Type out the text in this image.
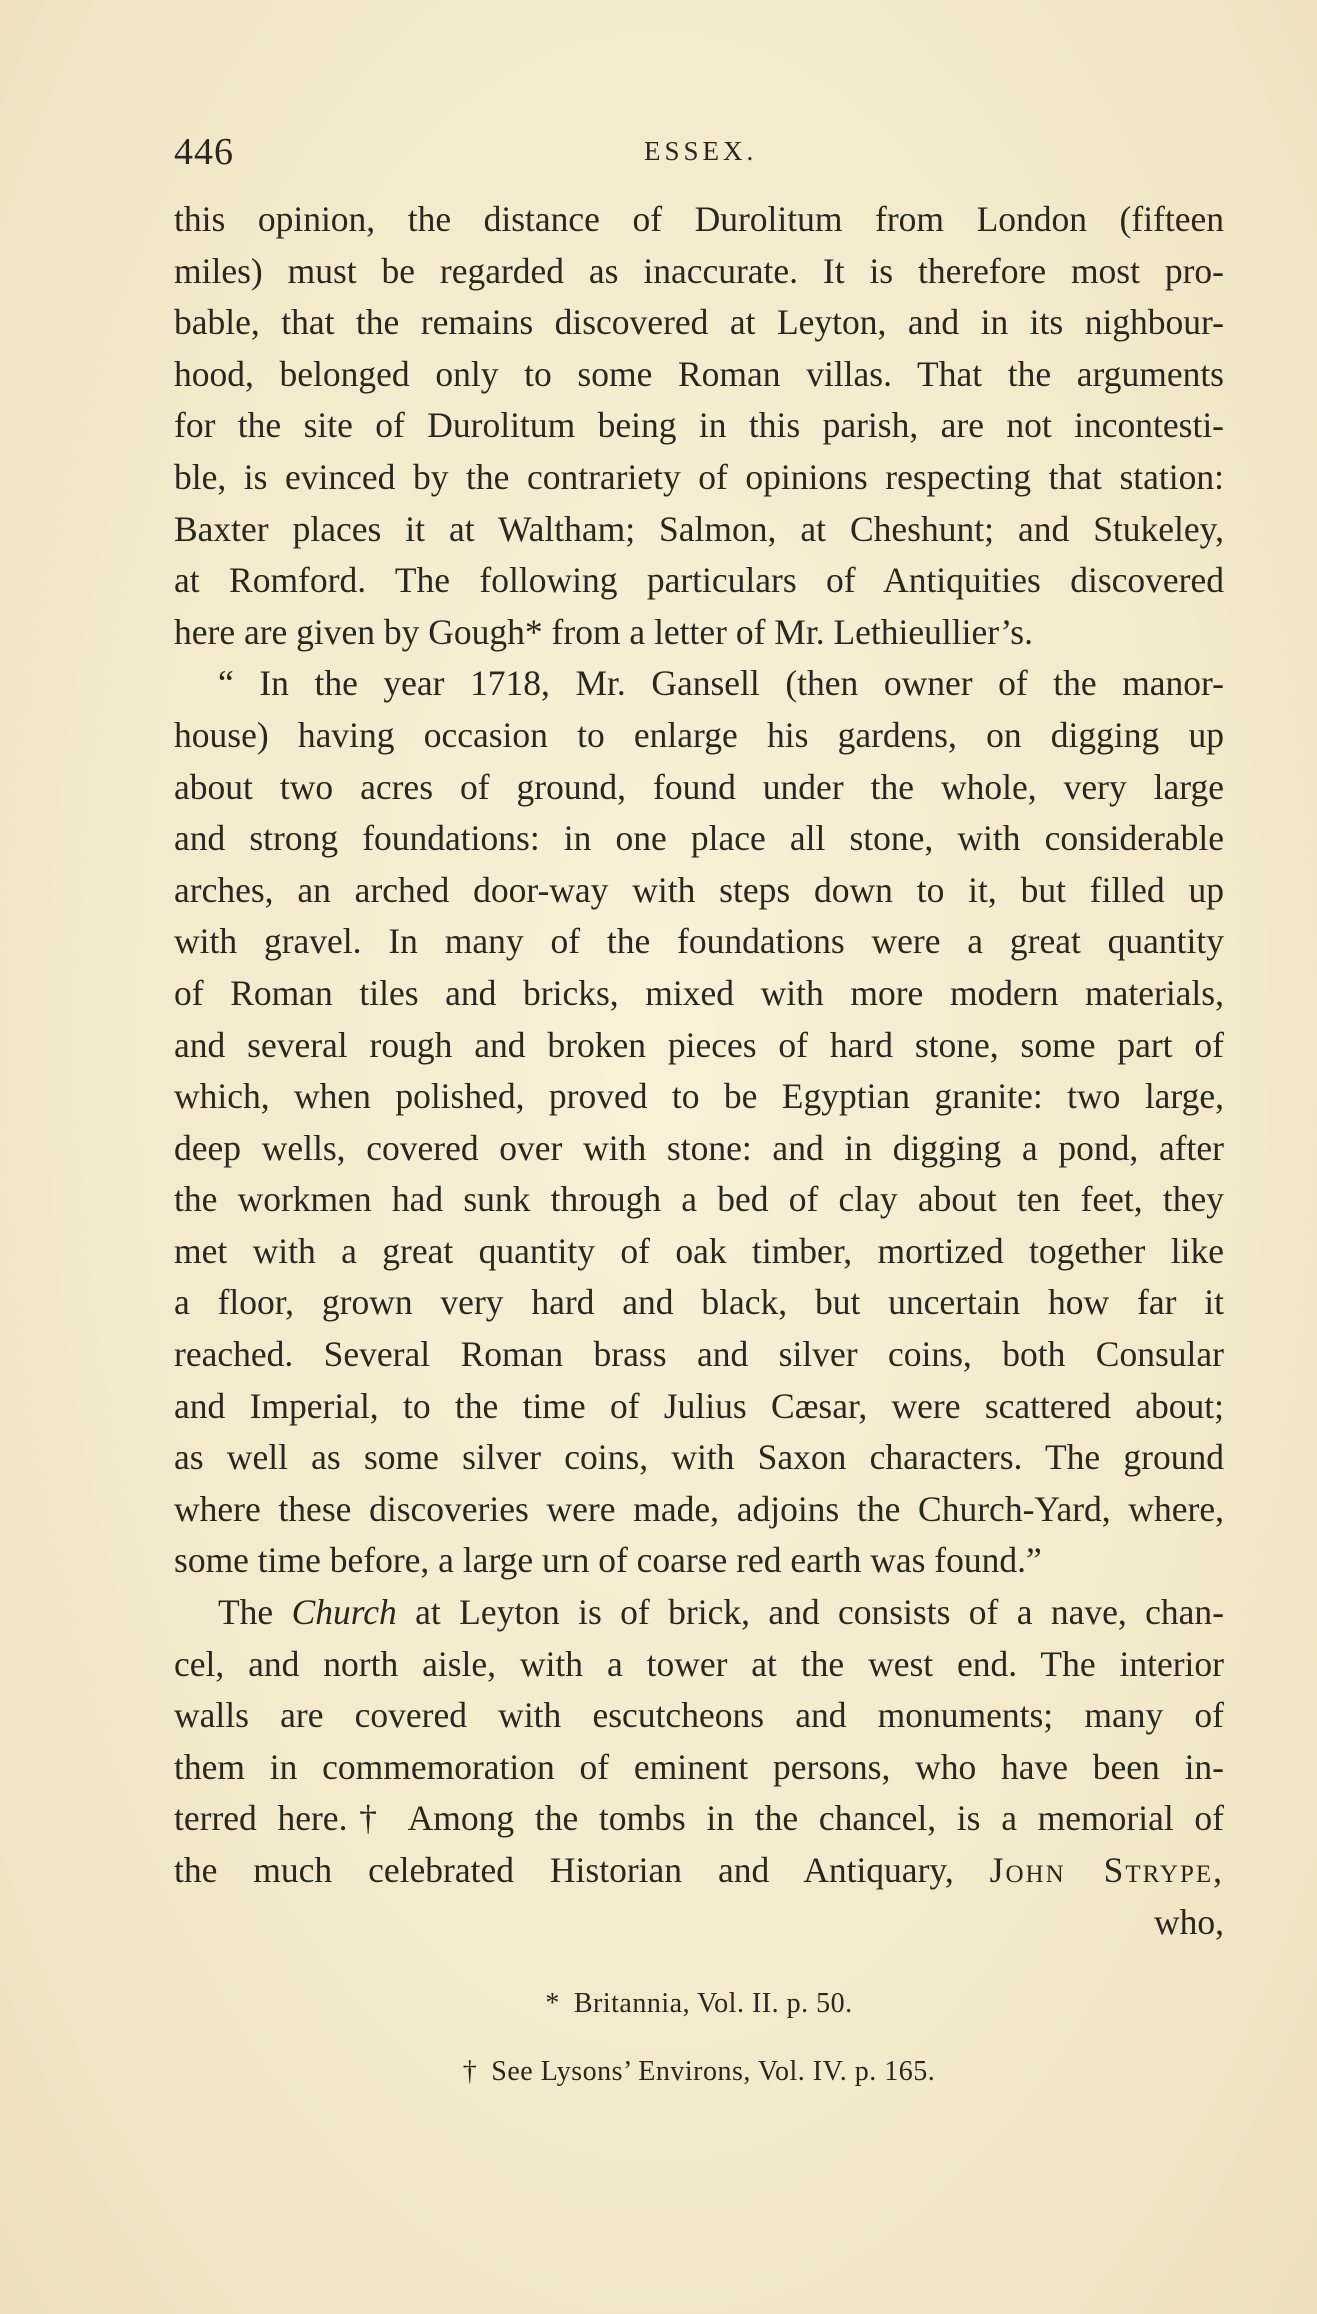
446	ESSEX.
this opinion, the distance of Durolitum from London (fifteen
miles) must be regarded as inaccurate. It is therefore most pro-
bable, that the remains discovered at Leyton, and in its nighbour-
hood, belonged only to some Roman villas. That the arguments
for the site of Durolitum being in this parish, are not incontesti-
ble, is evinced by the contrariety of opinions respecting that station:
Baxter places it at Waltham; Salmon, at Cheshunt; and Stukeley,
at Romford. The following particulars of Antiquities discovered
here are given by Gough* from a letter of Mr. Lethieullier’s.
“ In the year 1718, Mr. Gansell (then owner of the manor-
house) having occasion to enlarge his gardens, on digging up
about two acres of ground, found under the whole, very large
and strong foundations: in one place all stone, with considerable
arches, an arched door-way with steps down to it, but filled up
with gravel. In many of the foundations were a great quantity
of Roman tiles and bricks, mixed with more modern materials,
and several rough and broken pieces of hard stone, some part of
which, when polished, proved to be Egyptian granite: two large,
deep wells, covered over with stone: and in digging a pond, after
the workmen had sunk through a bed of clay about ten feet, they
met with a great quantity of oak timber, mortized together like
a floor, grown very hard and black, but uncertain how far it
reached. Several Roman brass and silver coins, both Consular
and Imperial, to the time of Julius Cæsar, were scattered about;
as well as some silver coins, with Saxon characters. The ground
where these discoveries were made, adjoins the Church-Yard, where,
some time before, a large urn of coarse red earth was found.”
The Church at Leyton is of brick, and consists of a nave, chan-
cel, and north aisle, with a tower at the west end. The interior
walls are covered with escutcheons and monuments; many of
them in commemoration of eminent persons, who have been in-
terred here.† Among the tombs in the chancel, is a memorial of
the much celebrated Historian and Antiquary, John Strype,
who,
* Britannia, Vol. II. p. 50.
† See Lysons’ Environs, Vol. IV. p. 165.
